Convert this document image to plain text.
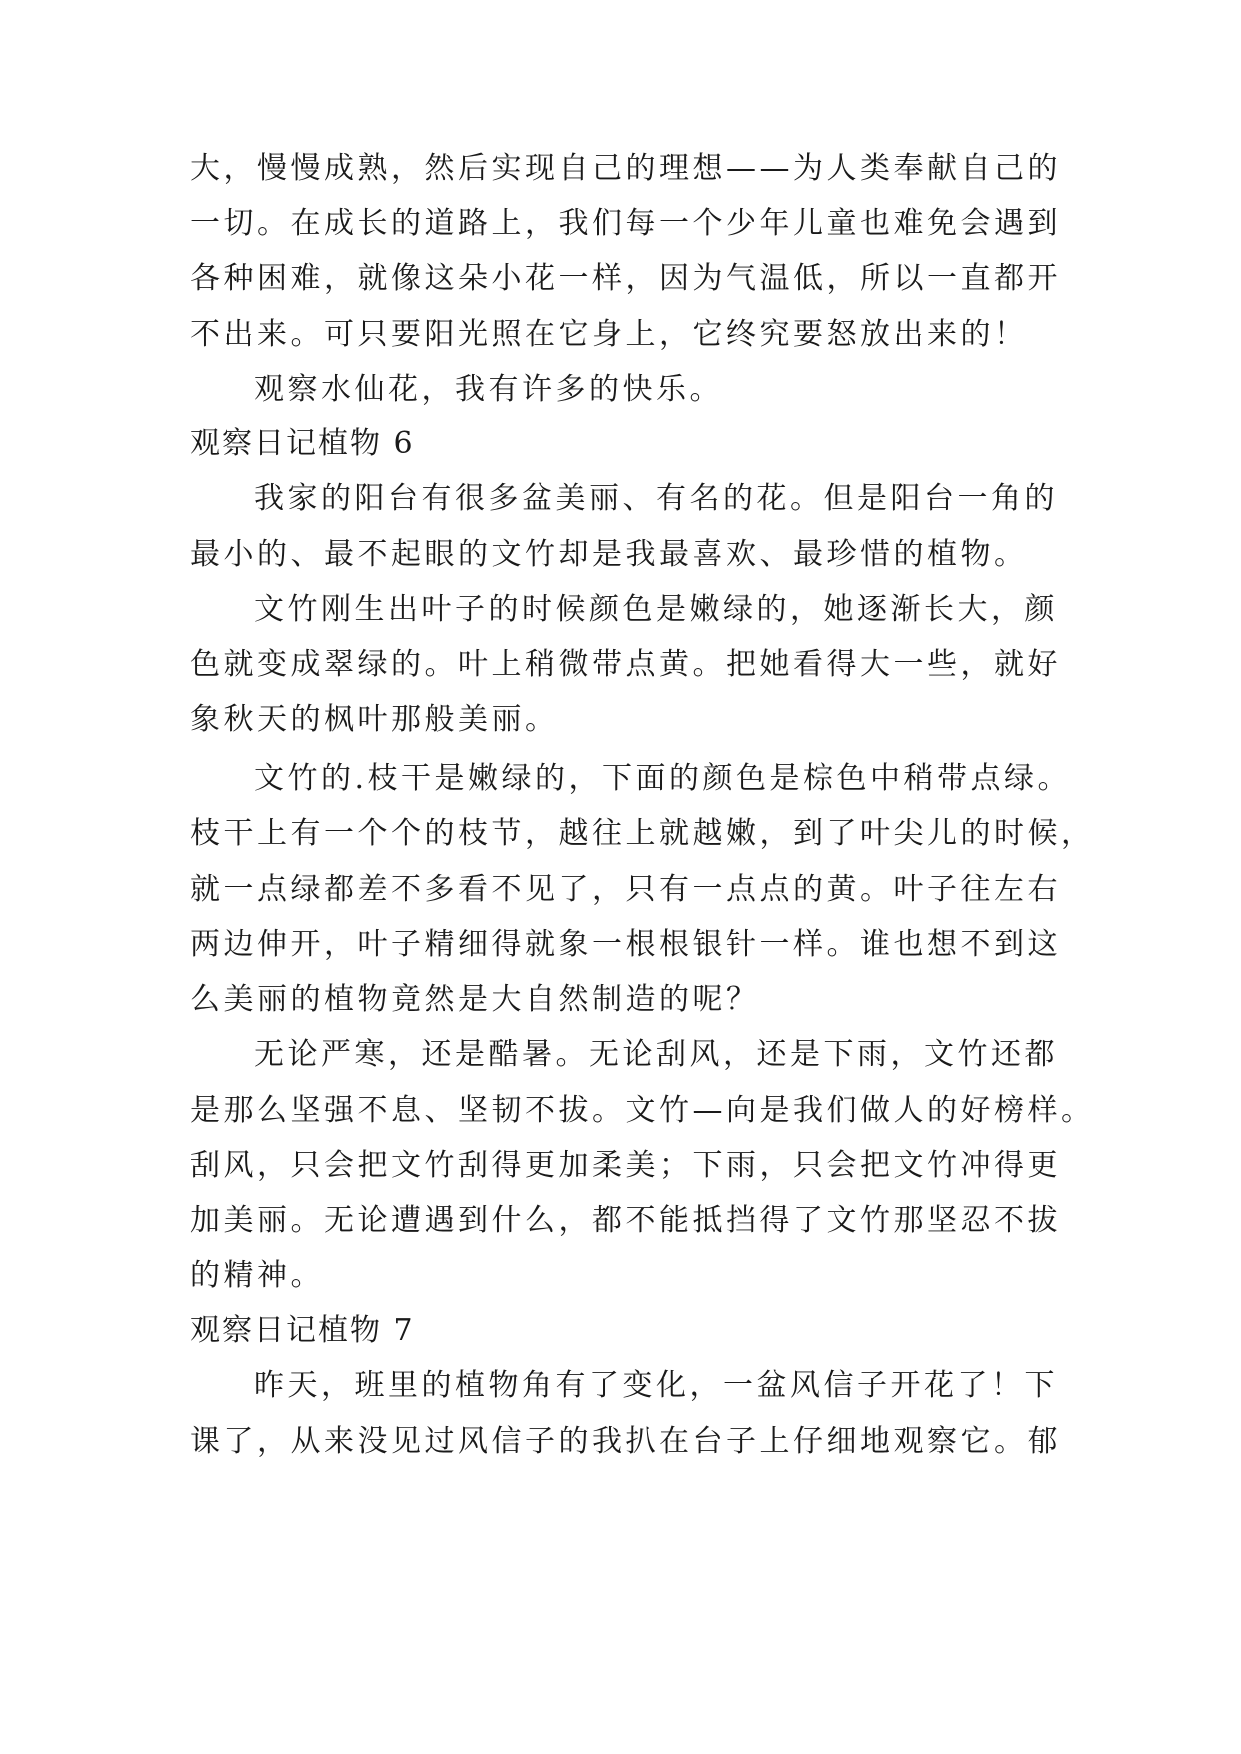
大，慢慢成熟，然后实现自己的理想——为人类奉献自己的
一切。在成长的道路上，我们每一个少年儿童也难免会遇到
各种困难，就像这朵小花一样，因为气温低，所以一直都开
不出来。可只要阳光照在它身上，它终究要怒放出来的！
观察水仙花，我有许多的快乐。
观察日记植物 6
我家的阳台有很多盆美丽、有名的花。但是阳台一角的
最小的、最不起眼的文竹却是我最喜欢、最珍惜的植物。
文竹刚生出叶子的时候颜色是嫩绿的，她逐渐长大，颜
色就变成翠绿的。叶上稍微带点黄。把她看得大一些，就好
象秋天的枫叶那般美丽。
文竹的.枝干是嫩绿的，下面的颜色是棕色中稍带点绿。
枝干上有一个个的枝节，越往上就越嫩，到了叶尖儿的时候，
就一点绿都差不多看不见了，只有一点点的黄。叶子往左右
两边伸开，叶子精细得就象一根根银针一样。谁也想不到这
么美丽的植物竟然是大自然制造的呢？
无论严寒，还是酷暑。无论刮风，还是下雨，文竹还都
是那么坚强不息、坚韧不拔。文竹—向是我们做人的好榜样。
刮风，只会把文竹刮得更加柔美；下雨，只会把文竹冲得更
加美丽。无论遭遇到什么，都不能抵挡得了文竹那坚忍不拔
的精神。
观察日记植物 7
昨天，班里的植物角有了变化，一盆风信子开花了！下
课了，从来没见过风信子的我扒在台子上仔细地观察它。郁
